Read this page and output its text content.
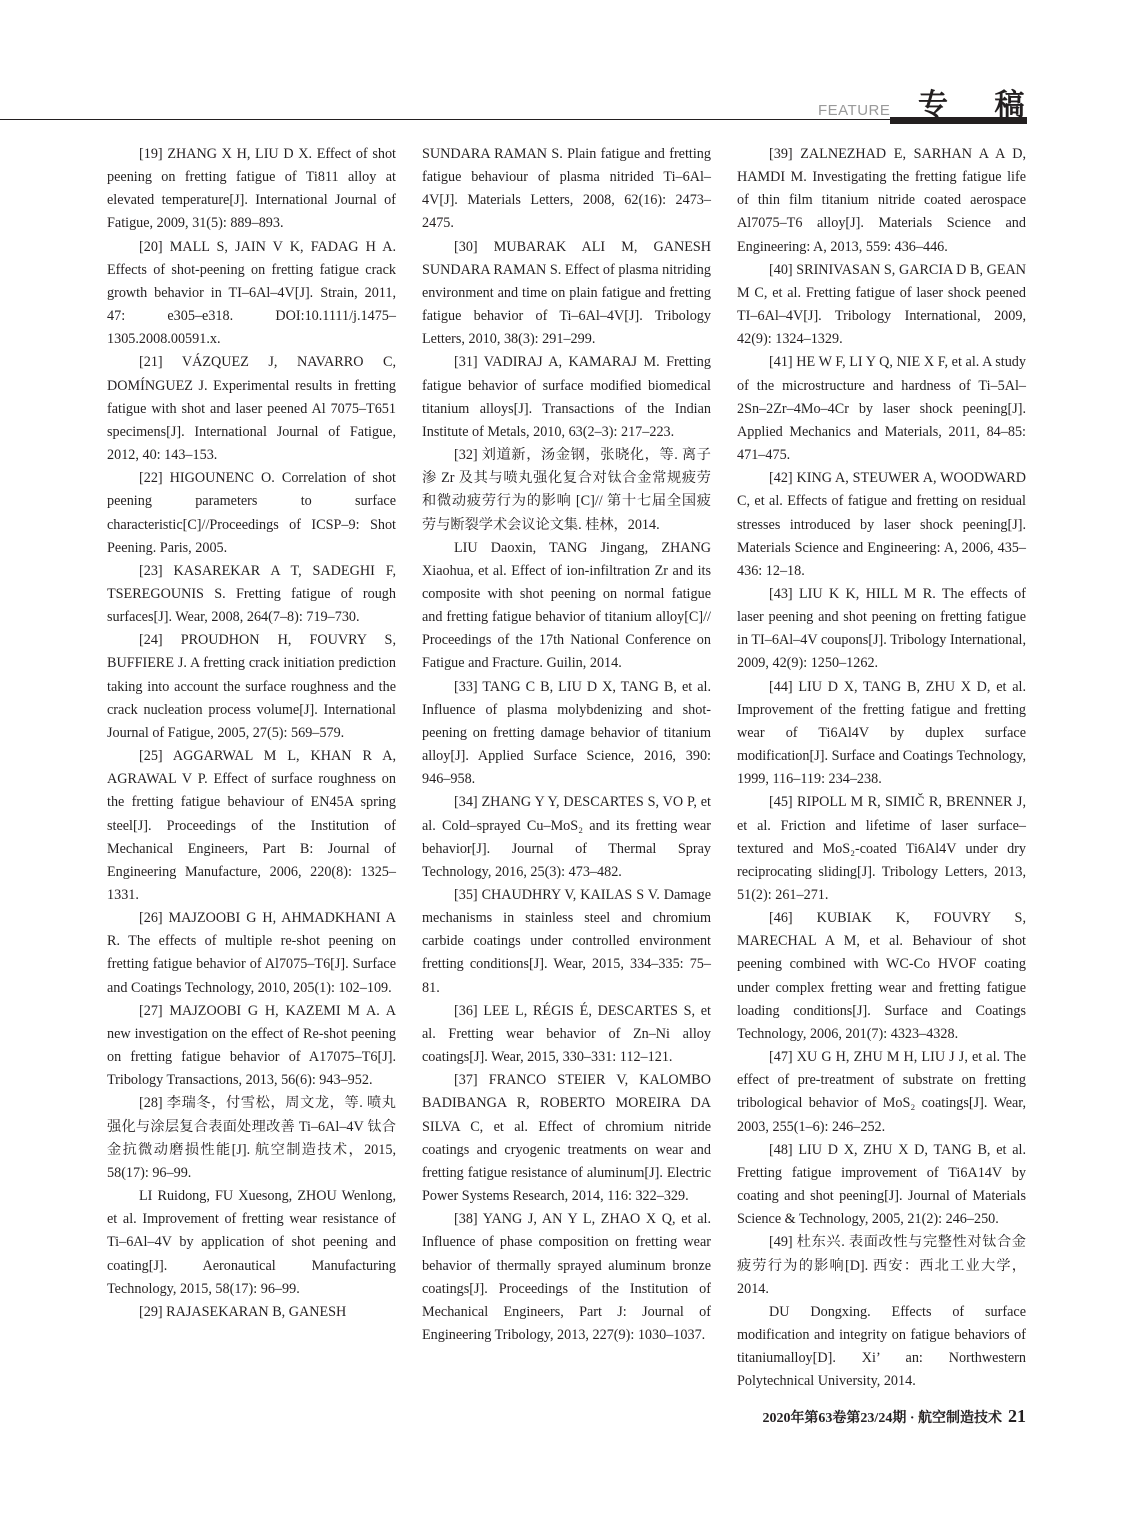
FEATURE 专 稿

[19] ZHANG X H, LIU D X. Effect of shot peening on fretting fatigue of Ti811 alloy at elevated temperature[J]. International Journal of Fatigue, 2009, 31(5): 889–893.

[20] MALL S, JAIN V K, FADAG H A. Effects of shot-peening on fretting fatigue crack growth behavior in TI–6Al–4V[J]. Strain, 2011, 47: e305–e318. DOI:10.1111/j.1475–1305.2008.00591.x.

[21] VÁZQUEZ J, NAVARRO C, DOMÍNGUEZ J. Experimental results in fretting fatigue with shot and laser peened Al 7075–T651 specimens[J]. International Journal of Fatigue, 2012, 40: 143–153.

[22] HIGOUNENC O. Correlation of shot peening parameters to surface characteristic[C]//Proceedings of ICSP–9: Shot Peening. Paris, 2005.

[23] KASAREKAR A T, SADEGHI F, TSEREGOUNIS S. Fretting fatigue of rough surfaces[J]. Wear, 2008, 264(7–8): 719–730.

[24] PROUDHON H, FOUVRY S, BUFFIERE J. A fretting crack initiation prediction taking into account the surface roughness and the crack nucleation process volume[J]. International Journal of Fatigue, 2005, 27(5): 569–579.

[25] AGGARWAL M L, KHAN R A, AGRAWAL V P. Effect of surface roughness on the fretting fatigue behaviour of EN45A spring steel[J]. Proceedings of the Institution of Mechanical Engineers, Part B: Journal of Engineering Manufacture, 2006, 220(8): 1325–1331.

[26] MAJZOOBI G H, AHMADKHANI A R. The effects of multiple re-shot peening on fretting fatigue behavior of Al7075–T6[J]. Surface and Coatings Technology, 2010, 205(1): 102–109.

[27] MAJZOOBI G H, KAZEMI M A. A new investigation on the effect of Re-shot peening on fretting fatigue behavior of A17075–T6[J]. Tribology Transactions, 2013, 56(6): 943–952.

[28] 李瑞冬，付雪松，周文龙，等. 喷丸强化与涂层复合表面处理改善 Ti–6Al–4V 钛合金抗微动磨损性能[J]. 航空制造技术，2015, 58(17): 96–99.

LI Ruidong, FU Xuesong, ZHOU Wenlong, et al. Improvement of fretting wear resistance of Ti–6Al–4V by application of shot peening and coating[J]. Aeronautical Manufacturing Technology, 2015, 58(17): 96–99.

[29] RAJASEKARAN B, GANESH

SUNDARA RAMAN S. Plain fatigue and fretting fatigue behaviour of plasma nitrided Ti–6Al–4V[J]. Materials Letters, 2008, 62(16): 2473–2475.

[30] MUBARAK ALI M, GANESH SUNDARA RAMAN S. Effect of plasma nitriding environment and time on plain fatigue and fretting fatigue behavior of Ti–6Al–4V[J]. Tribology Letters, 2010, 38(3): 291–299.

[31] VADIRAJ A, KAMARAJ M. Fretting fatigue behavior of surface modified biomedical titanium alloys[J]. Transactions of the Indian Institute of Metals, 2010, 63(2–3): 217–223.

[32] 刘道新，汤金钢，张晓化，等. 离子渗 Zr 及其与喷丸强化复合对钛合金常规疲劳和微动疲劳行为的影响 [C]// 第十七届全国疲劳与断裂学术会议论文集. 桂林，2014.

LIU Daoxin, TANG Jingang, ZHANG Xiaohua, et al. Effect of ion-infiltration Zr and its composite with shot peening on normal fatigue and fretting fatigue behavior of titanium alloy[C]// Proceedings of the 17th National Conference on Fatigue and Fracture. Guilin, 2014.

[33] TANG C B, LIU D X, TANG B, et al. Influence of plasma molybdenizing and shot-peening on fretting damage behavior of titanium alloy[J]. Applied Surface Science, 2016, 390: 946–958.

[34] ZHANG Y Y, DESCARTES S, VO P, et al. Cold–sprayed Cu–MoS₂ and its fretting wear behavior[J]. Journal of Thermal Spray Technology, 2016, 25(3): 473–482.

[35] CHAUDHRY V, KAILAS S V. Damage mechanisms in stainless steel and chromium carbide coatings under controlled environment fretting conditions[J]. Wear, 2015, 334–335: 75–81.

[36] LEE L, RÉGIS É, DESCARTES S, et al. Fretting wear behavior of Zn–Ni alloy coatings[J]. Wear, 2015, 330–331: 112–121.

[37] FRANCO STEIER V, KALOMBO BADIBANGA R, ROBERTO MOREIRA DA SILVA C, et al. Effect of chromium nitride coatings and cryogenic treatments on wear and fretting fatigue resistance of aluminum[J]. Electric Power Systems Research, 2014, 116: 322–329.

[38] YANG J, AN Y L, ZHAO X Q, et al. Influence of phase composition on fretting wear behavior of thermally sprayed aluminum bronze coatings[J]. Proceedings of the Institution of Mechanical Engineers, Part J: Journal of Engineering Tribology, 2013, 227(9): 1030–1037.

[39] ZALNEZHAD E, SARHAN A A D, HAMDI M. Investigating the fretting fatigue life of thin film titanium nitride coated aerospace Al7075–T6 alloy[J]. Materials Science and Engineering: A, 2013, 559: 436–446.

[40] SRINIVASAN S, GARCIA D B, GEAN M C, et al. Fretting fatigue of laser shock peened TI–6Al–4V[J]. Tribology International, 2009, 42(9): 1324–1329.

[41] HE W F, LI Y Q, NIE X F, et al. A study of the microstructure and hardness of Ti–5Al–2Sn–2Zr–4Mo–4Cr by laser shock peening[J]. Applied Mechanics and Materials, 2011, 84–85: 471–475.

[42] KING A, STEUWER A, WOODWARD C, et al. Effects of fatigue and fretting on residual stresses introduced by laser shock peening[J]. Materials Science and Engineering: A, 2006, 435–436: 12–18.

[43] LIU K K, HILL M R. The effects of laser peening and shot peening on fretting fatigue in TI–6Al–4V coupons[J]. Tribology International, 2009, 42(9): 1250–1262.

[44] LIU D X, TANG B, ZHU X D, et al. Improvement of the fretting fatigue and fretting wear of Ti6Al4V by duplex surface modification[J]. Surface and Coatings Technology, 1999, 116–119: 234–238.

[45] RIPOLL M R, SIMIČ R, BRENNER J, et al. Friction and lifetime of laser surface–textured and MoS₂-coated Ti6Al4V under dry reciprocating sliding[J]. Tribology Letters, 2013, 51(2): 261–271.

[46] KUBIAK K, FOUVRY S, MARECHAL A M, et al. Behaviour of shot peening combined with WC-Co HVOF coating under complex fretting wear and fretting fatigue loading conditions[J]. Surface and Coatings Technology, 2006, 201(7): 4323–4328.

[47] XU G H, ZHU M H, LIU J J, et al. The effect of pre-treatment of substrate on fretting tribological behavior of MoS₂ coatings[J]. Wear, 2003, 255(1–6): 246–252.

[48] LIU D X, ZHU X D, TANG B, et al. Fretting fatigue improvement of Ti6A14V by coating and shot peening[J]. Journal of Materials Science & Technology, 2005, 21(2): 246–250.

[49] 杜东兴. 表面改性与完整性对钛合金疲劳行为的影响[D]. 西安：西北工业大学，2014.

DU Dongxing. Effects of surface modification and integrity on fatigue behaviors of titaniumalloy[D]. Xi’ an: Northwestern Polytechnical University, 2014.

2020年第63卷第23/24期 · 航空制造技术 21
